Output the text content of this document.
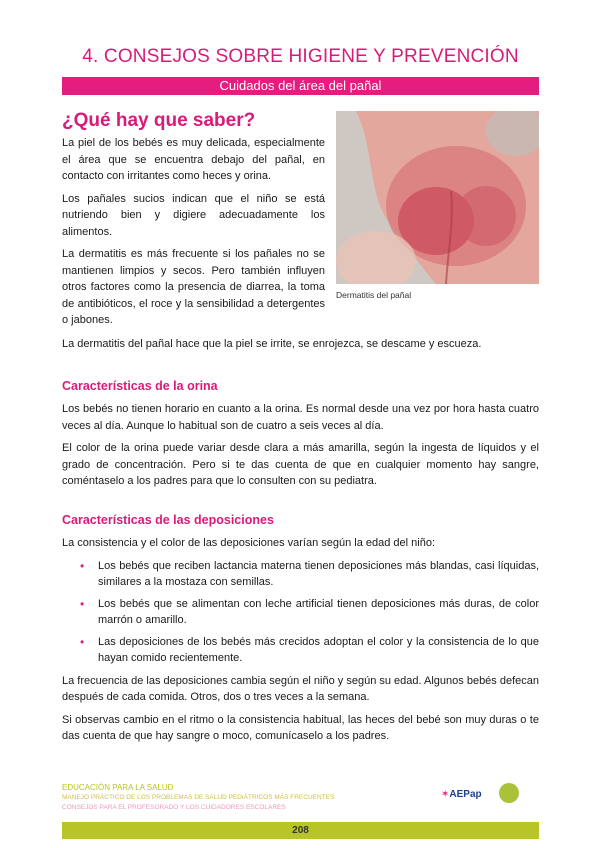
4. CONSEJOS SOBRE HIGIENE Y PREVENCIÓN
Cuidados del área del pañal
¿Qué hay que saber?

La piel de los bebés es muy delicada, especialmente el área que se encuentra debajo del pañal, en contacto con irritantes como heces y orina.

Los pañales sucios indican que el niño se está nutriendo bien y digiere adecuadamente los alimentos.

La dermatitis es más frecuente si los pañales no se mantienen limpios y secos. Pero también influyen otros factores como la presencia de diarrea, la toma de antibióticos, el roce y la sensibilidad a detergentes o jabones.

Dermatitis del pañal

La dermatitis del pañal hace que la piel se irrite, se enrojezca, se descame y escueza.

Características de la orina

Los bebés no tienen horario en cuanto a la orina. Es normal desde una vez por hora hasta cuatro veces al día. Aunque lo habitual son de cuatro a seis veces al día.

El color de la orina puede variar desde clara a más amarilla, según la ingesta de líquidos y el grado de concentración. Pero si te das cuenta de que en cualquier momento hay sangre, coméntaselo a los padres para que lo consulten con su pediatra.

Características de las deposiciones

La consistencia y el color de las deposiciones varían según la edad del niño:

• Los bebés que reciben lactancia materna tienen deposiciones más blandas, casi líquidas, similares a la mostaza con semillas.
• Los bebés que se alimentan con leche artificial tienen deposiciones más duras, de color marrón o amarillo.
• Las deposiciones de los bebés más crecidos adoptan el color y la consistencia de lo que hayan comido recientemente.

La frecuencia de las deposiciones cambia según el niño y según su edad. Algunos bebés defecan después de cada comida. Otros, dos o tres veces a la semana.

Si observas cambio en el ritmo o la consistencia habitual, las heces del bebé son muy duras o te das cuenta de que hay sangre o moco, comunícaselo a los padres.

EDUCACIÓN PARA LA SALUD
MANEJO PRÁCTICO DE LOS PROBLEMAS DE SALUD PEDIÁTRICOS MÁS FRECUENTES
CONSEJOS PARA EL PROFESORADO Y LOS CUIDADORES ESCOLARES
✶AEPap
208
